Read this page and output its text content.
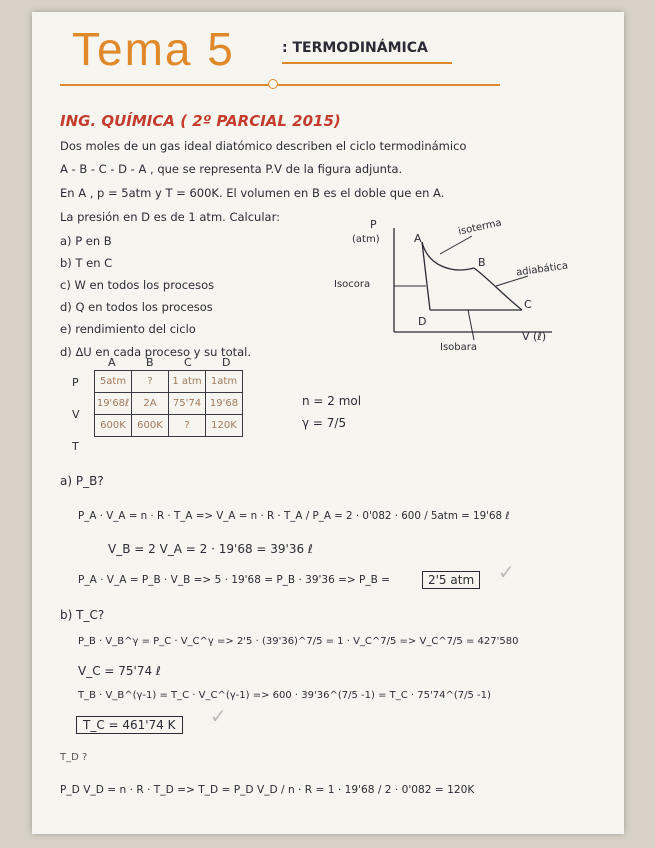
Tema 5	: TERMODINÁMICA
ING. QUÍMICA ( 2º PARCIAL 2015)
Dos moles de un gas ideal diatómico describen el ciclo termodinámico
A - B - C - D - A , que se representa P.V de la figura adjunta.
En A , p = 5atm y T = 600K. El volumen en B es el doble que en A.
La presión en D es de 1 atm. Calcular:
a) P en B
b) T en C
c) W en todos los procesos
d) Q en todos los procesos
e) rendimiento del ciclo
d) ΔU en cada proceso y su total.
P
(atm)
V (ℓ)
A
B
C
D
isoterma
adiabática
Isocora
Isobara
A	B	C	D
P
V
T
5atm	?	1 atm	1atm
19'68ℓ	2A	75'74	19'68
600K	600K	?	120K
n = 2 mol
γ = 7/5
a) P_B?
P_A · V_A = n · R · T_A => V_A = n · R · T_A / P_A = 2 · 0'082 · 600 / 5atm = 19'68 ℓ
V_B = 2 V_A = 2 · 19'68 = 39'36 ℓ
P_A · V_A = P_B · V_B => 5 · 19'68 = P_B · 39'36 => P_B =	2'5 atm	✓
b) T_C?
P_B · V_B^γ = P_C · V_C^γ => 2'5 · (39'36)^7/5 = 1 · V_C^7/5 => V_C^7/5 = 427'580
V_C = 75'74 ℓ
T_B · V_B^(γ-1) = T_C · V_C^(γ-1) => 600 · 39'36^(7/5 -1) = T_C · 75'74^(7/5 -1)
T_C = 461'74 K	✓
T_D ?
P_D V_D = n · R · T_D => T_D = P_D V_D / n · R = 1 · 19'68 / 2 · 0'082 = 120K
